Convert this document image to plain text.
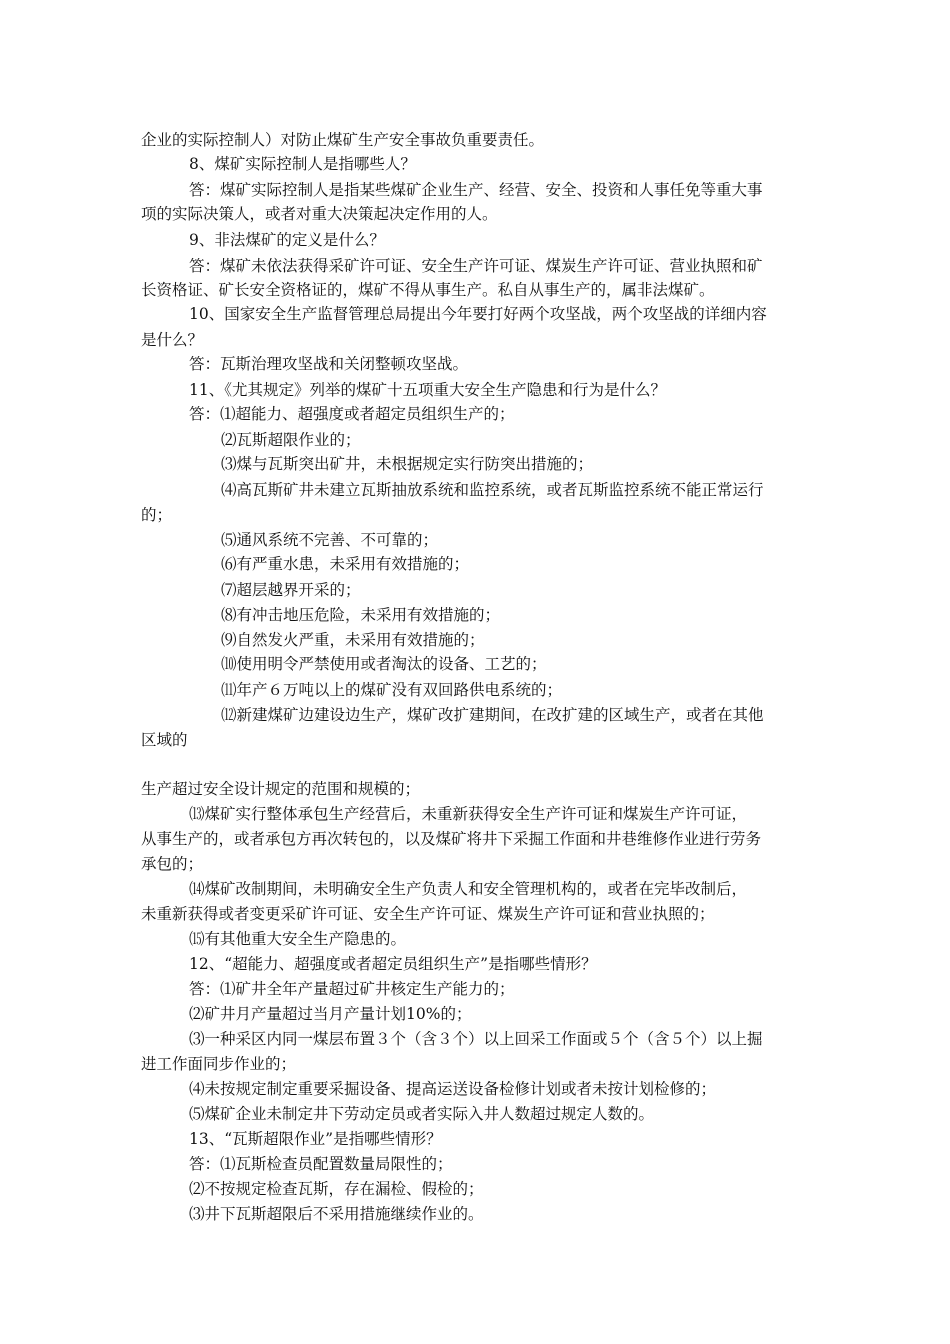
企业的实际控制人）对防止煤矿生产安全事故负重要责任。
8、煤矿实际控制人是指哪些人？
答：煤矿实际控制人是指某些煤矿企业生产、经营、安全、投资和人事任免等重大事
项的实际决策人，或者对重大决策起决定作用的人。
9、非法煤矿的定义是什么？
答：煤矿未依法获得采矿许可证、安全生产许可证、煤炭生产许可证、营业执照和矿
长资格证、矿长安全资格证的，煤矿不得从事生产。私自从事生产的，属非法煤矿。
10、国家安全生产监督管理总局提出今年要打好两个攻坚战，两个攻坚战的详细内容
是什么？
答：瓦斯治理攻坚战和关闭整顿攻坚战。
11、《尤其规定》列举的煤矿十五项重大安全生产隐患和行为是什么？
答：⑴超能力、超强度或者超定员组织生产的；
⑵瓦斯超限作业的；
⑶煤与瓦斯突出矿井，未根据规定实行防突出措施的；
⑷高瓦斯矿井未建立瓦斯抽放系统和监控系统，或者瓦斯监控系统不能正常运行
的；
⑸通风系统不完善、不可靠的；
⑹有严重水患，未采用有效措施的；
⑺超层越界开采的；
⑻有冲击地压危险，未采用有效措施的；
⑼自然发火严重，未采用有效措施的；
⑽使用明令严禁使用或者淘汰的设备、工艺的；
⑾年产６万吨以上的煤矿没有双回路供电系统的；
⑿新建煤矿边建设边生产，煤矿改扩建期间，在改扩建的区域生产，或者在其他
区域的
生产超过安全设计规定的范围和规模的；
⒀煤矿实行整体承包生产经营后，未重新获得安全生产许可证和煤炭生产许可证，
从事生产的，或者承包方再次转包的，以及煤矿将井下采掘工作面和井巷维修作业进行劳务
承包的；
⒁煤矿改制期间，未明确安全生产负责人和安全管理机构的，或者在完毕改制后，
未重新获得或者变更采矿许可证、安全生产许可证、煤炭生产许可证和营业执照的；
⒂有其他重大安全生产隐患的。
12、“超能力、超强度或者超定员组织生产”是指哪些情形？
答：⑴矿井全年产量超过矿井核定生产能力的；
⑵矿井月产量超过当月产量计划10%的；
⑶一种采区内同一煤层布置３个（含３个）以上回采工作面或５个（含５个）以上掘
进工作面同步作业的；
⑷未按规定制定重要采掘设备、提高运送设备检修计划或者未按计划检修的；
⑸煤矿企业未制定井下劳动定员或者实际入井人数超过规定人数的。
13、“瓦斯超限作业”是指哪些情形？
答：⑴瓦斯检查员配置数量局限性的；
⑵不按规定检查瓦斯，存在漏检、假检的；
⑶井下瓦斯超限后不采用措施继续作业的。
